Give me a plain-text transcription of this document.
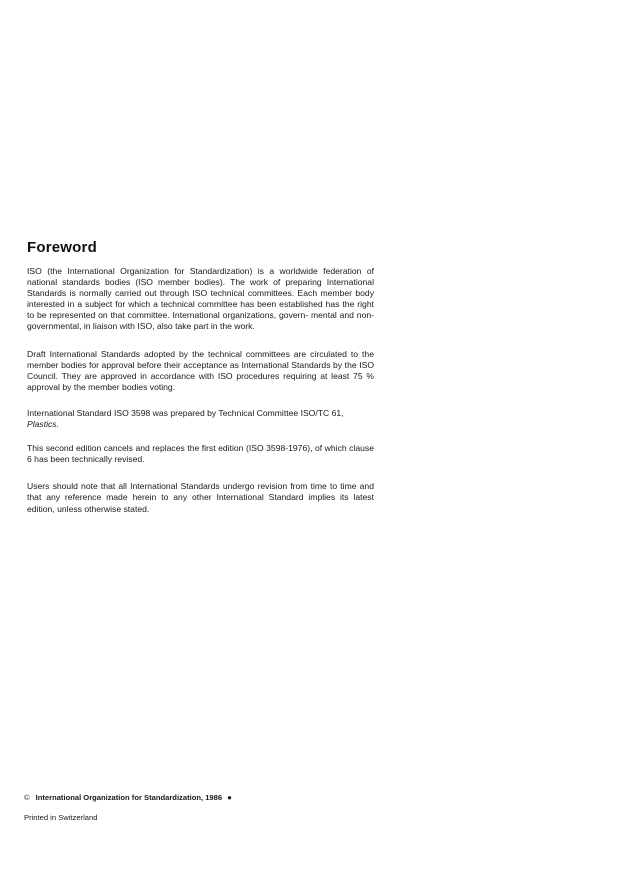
Foreword

ISO (the International Organization for Standardization) is a worldwide federation of national standards bodies (ISO member bodies). The work of preparing International Standards is normally carried out through ISO technical committees. Each member body interested in a subject for which a technical committee has been established has the right to be represented on that committee. International organizations, govern- mental and non-governmental, in liaison with ISO, also take part in the work.

Draft International Standards adopted by the technical committees are circulated to the member bodies for approval before their acceptance as International Standards by the ISO Council. They are approved in accordance with ISO procedures requiring at least 75 % approval by the member bodies voting.

International Standard ISO 3598 was prepared by Technical Committee ISO/TC 61,
Plastics.

This second edition cancels and replaces the first edition (ISO 3598-1976), of which clause 6 has been technically revised.

Users should note that all International Standards undergo revision from time to time and that any reference made herein to any other International Standard implies its latest edition, unless otherwise stated.

© International Organization for Standardization, 1986 ●
Printed in Switzerland
